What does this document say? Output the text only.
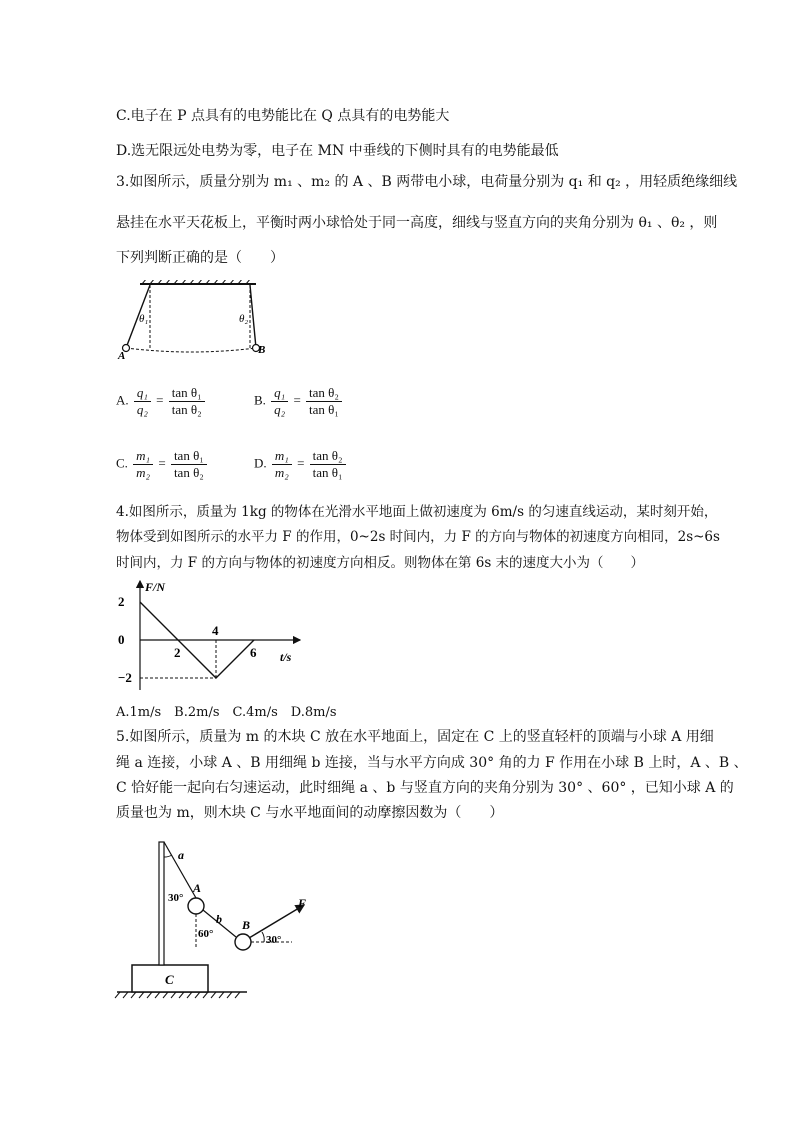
C.电子在 P 点具有的电势能比在 Q 点具有的电势能大
D.选无限远处电势为零，电子在 MN 中垂线的下侧时具有的电势能最低
3.如图所示，质量分别为 m₁ 、m₂ 的 A 、B 两带电小球，电荷量分别为 q₁ 和 q₂ ，用轻质绝缘细线
悬挂在水平天花板上，平衡时两小球恰处于同一高度，细线与竖直方向的夹角分别为 θ₁ 、θ₂ ，则
下列判断正确的是（　　）
θ₁	θ₂
A	B
A. $\frac{\text{q₁}}{\text{q₂}} = \frac{\text{tan θ₁}}{\text{tan θ₂}}$	B. $\frac{\text{q₁}}{\text{q₂}} = \frac{\text{tan θ₂}}{\text{tan θ₁}}$
C. $\frac{\text{m₁}}{\text{m₂}} = \frac{\text{tan θ₁}}{\text{tan θ₂}}$	D. $\frac{\text{m₁}}{\text{m₂}} = \frac{\text{tan θ₂}}{\text{tan θ₁}}$
4.如图所示，质量为 1kg 的物体在光滑水平地面上做初速度为 6m/s 的匀速直线运动，某时刻开始，
物体受到如图所示的水平力 F 的作用，0~2s 时间内，力 F 的方向与物体的初速度方向相同，2s~6s
时间内，力 F 的方向与物体的初速度方向相反。则物体在第 6s 末的速度大小为（　　）
F/N
t/s
2
0
−2
2
4
6
A.1m/s　B.2m/s　C.4m/s　D.8m/s
5.如图所示，质量为 m 的木块 C 放在水平地面上，固定在 C 上的竖直轻杆的顶端与小球 A 用细
绳 a 连接，小球 A 、B 用细绳 b 连接，当与水平方向成 30° 角的力 F 作用在小球 B 上时，A 、B 、
C 恰好能一起向右匀速运动，此时细绳 a 、b 与竖直方向的夹角分别为 30° 、60° ，已知小球 A 的
质量也为 m，则木块 C 与水平地面间的动摩擦因数为（　　）
C
a
30°
A
b
60°
B
F
30°
